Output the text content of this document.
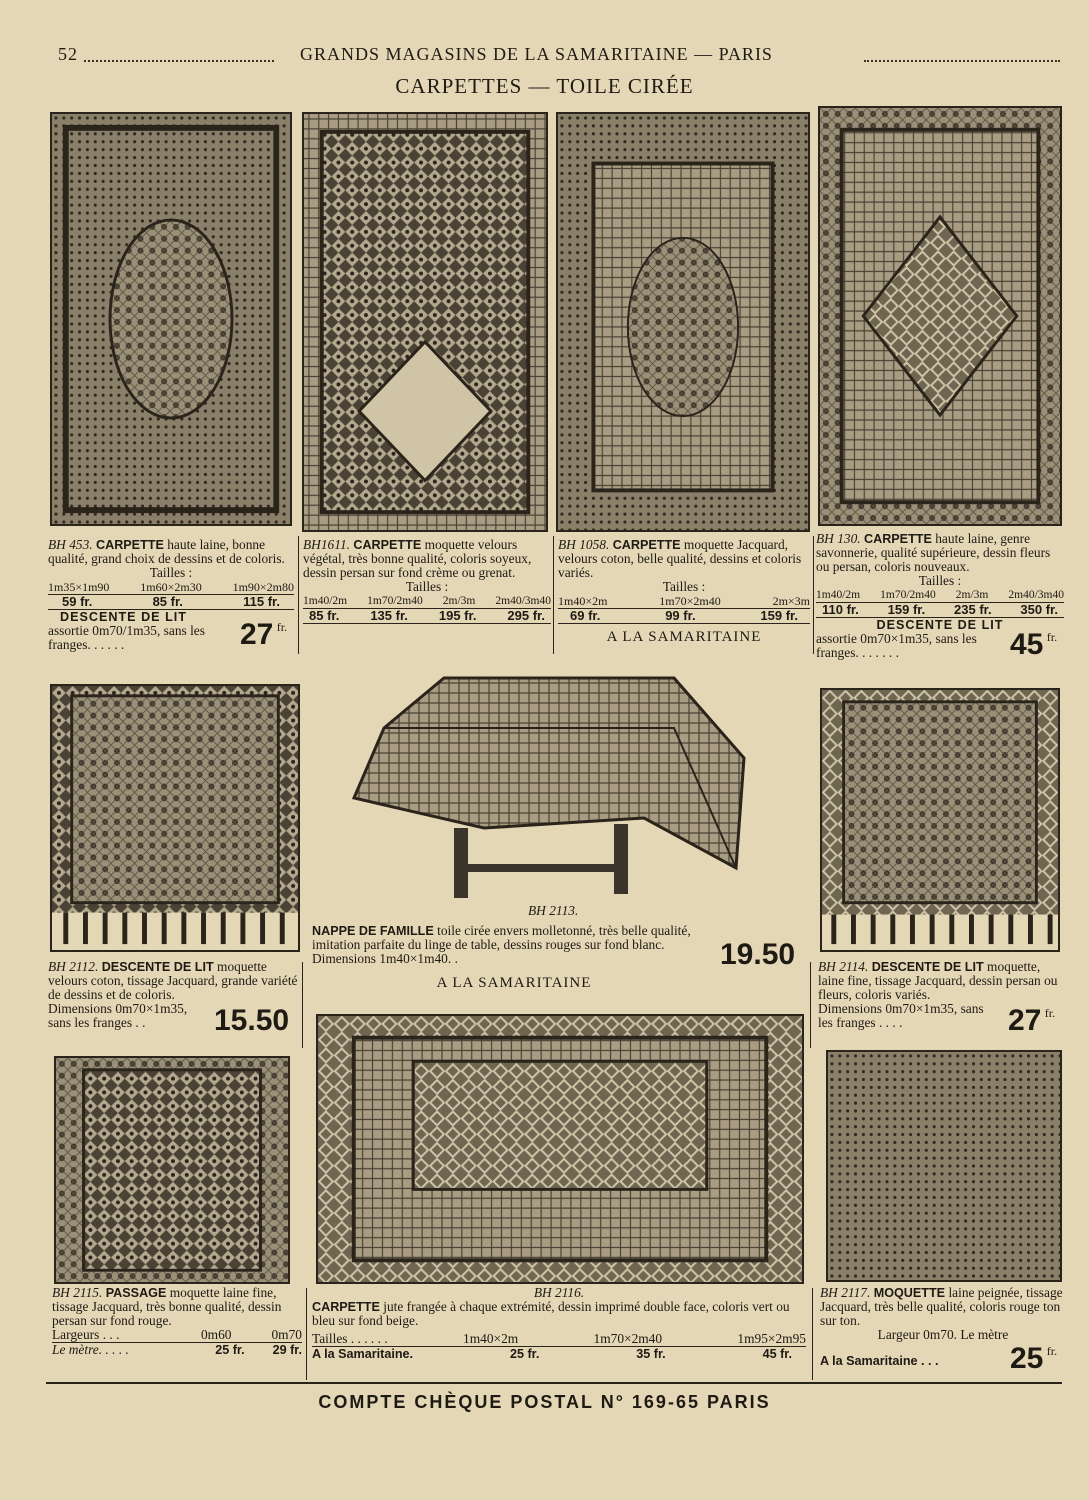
52	GRANDS MAGASINS DE LA SAMARITAINE — PARIS
CARPETTES — TOILE CIRÉE
BH 453. CARPETTE haute laine, bonne qualité, grand choix de dessins et de coloris.
Tailles :
1m35×1m90	1m60×2m30	1m90×2m80
59 fr.	85 fr.	115 fr.
DESCENTE DE LIT
assortie 0m70/1m35, sans les franges. . . . . .	27 fr.
BH1611. CARPETTE moquette velours végétal, très bonne qualité, coloris soyeux, dessin persan sur fond crème ou grenat.
Tailles :
1m40/2m 1m70/2m40 2m/3m 2m40/3m40
85 fr. 135 fr. 195 fr. 295 fr.
BH 1058. CARPETTE moquette Jacquard, velours coton, belle qualité, dessins et coloris variés.
Tailles :
1m40×2m	1m70×2m40	2m×3m
69 fr.	99 fr.	159 fr.
A LA SAMARITAINE
BH 130. CARPETTE haute laine, genre savonnerie, qualité supérieure, dessin fleurs ou persan, coloris nouveaux.
Tailles :
1m40/2m 1m70/2m40 2m/3m 2m40/3m40
110 fr. 159 fr. 235 fr. 350 fr.
DESCENTE DE LIT
assortie 0m70×1m35, sans les franges. . . . . . .	45 fr.
BH 2113.
BH 2112. DESCENTE DE LIT moquette velours coton, tissage Jacquard, grande variété de dessins et de coloris.
Dimensions 0m70×1m35, sans les franges . .	15.50
NAPPE DE FAMILLE toile cirée envers molletonné, très belle qualité, imitation parfaite du linge de table, dessins rouges sur fond blanc. Dimensions 1m40×1m40. .	19.50
A LA SAMARITAINE
BH 2114. DESCENTE DE LIT moquette, laine fine, tissage Jacquard, dessin persan ou fleurs, coloris variés.
Dimensions 0m70×1m35, sans les franges . . . .	27 fr.
BH 2115. PASSAGE moquette laine fine, tissage Jacquard, très bonne qualité, dessin persan sur fond rouge.
Largeurs . . .	0m60	0m70
Le mètre. . . . .	25 fr. 29 fr.
BH 2116.
CARPETTE jute frangée à chaque extrémité, dessin imprimé double face, coloris vert ou bleu sur fond beige.
Tailles . . . . . .	1m40×2m	1m70×2m40	1m95×2m95
A la Samaritaine.	25 fr.	35 fr.	45 fr.
BH 2117. MOQUETTE laine peignée, tissage Jacquard, très belle qualité, coloris rouge ton sur ton.
Largeur 0m70. Le mètre
A la Samaritaine . . . 25 fr.
COMPTE CHÈQUE POSTAL N° 169-65 PARIS
